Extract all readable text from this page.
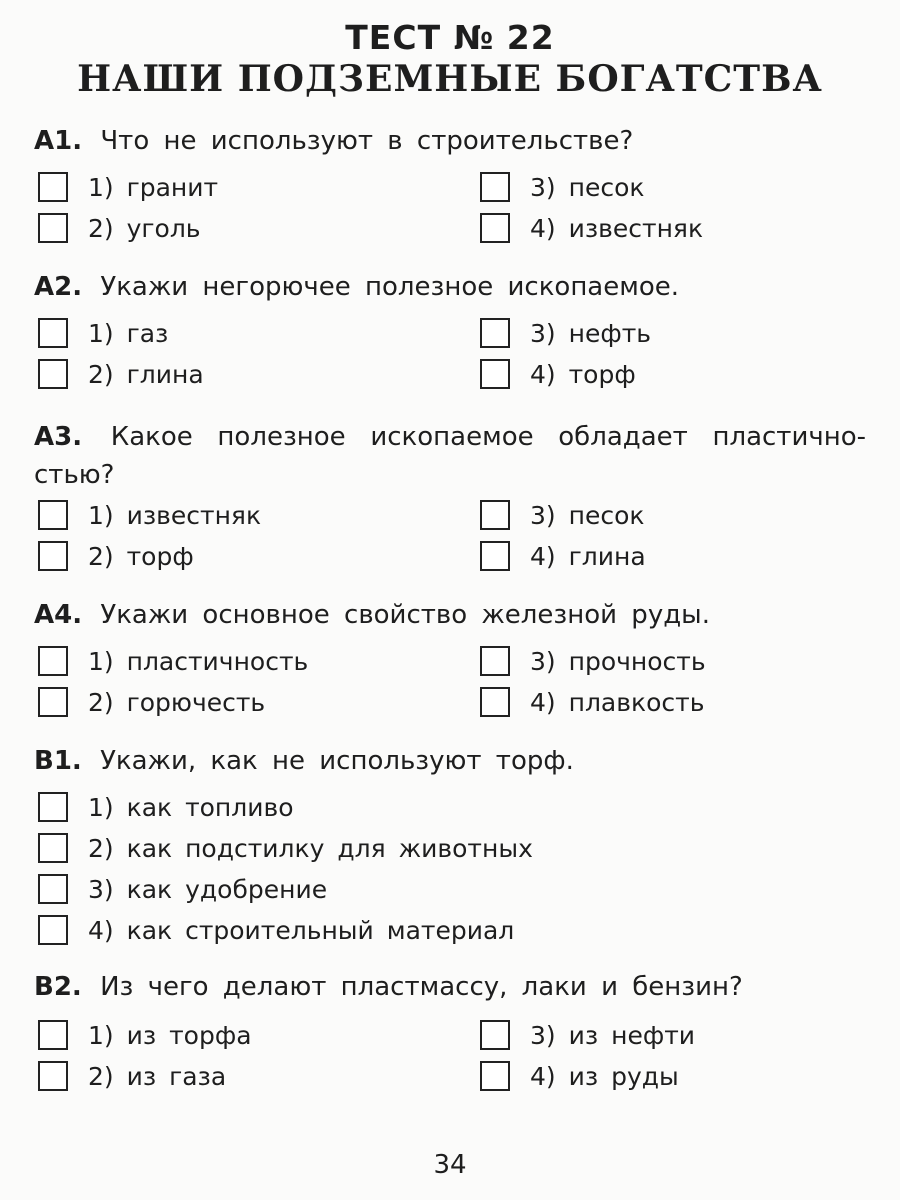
ТЕСТ № 22
НАШИ ПОДЗЕМНЫЕ БОГАТСТВА
A1. Что не используют в строительстве?
1) гранит
2) уголь
3) песок
4) известняк
A2. Укажи негорючее полезное ископаемое.
1) газ
2) глина
3) нефть
4) торф
A3. Какое полезное ископаемое обладает пластично-стью?
1) известняк
2) торф
3) песок
4) глина
A4. Укажи основное свойство железной руды.
1) пластичность
2) горючесть
3) прочность
4) плавкость
B1. Укажи, как не используют торф.
1) как топливо
2) как подстилку для животных
3) как удобрение
4) как строительный материал
B2. Из чего делают пластмассу, лаки и бензин?
1) из торфа
2) из газа
3) из нефти
4) из руды
34
